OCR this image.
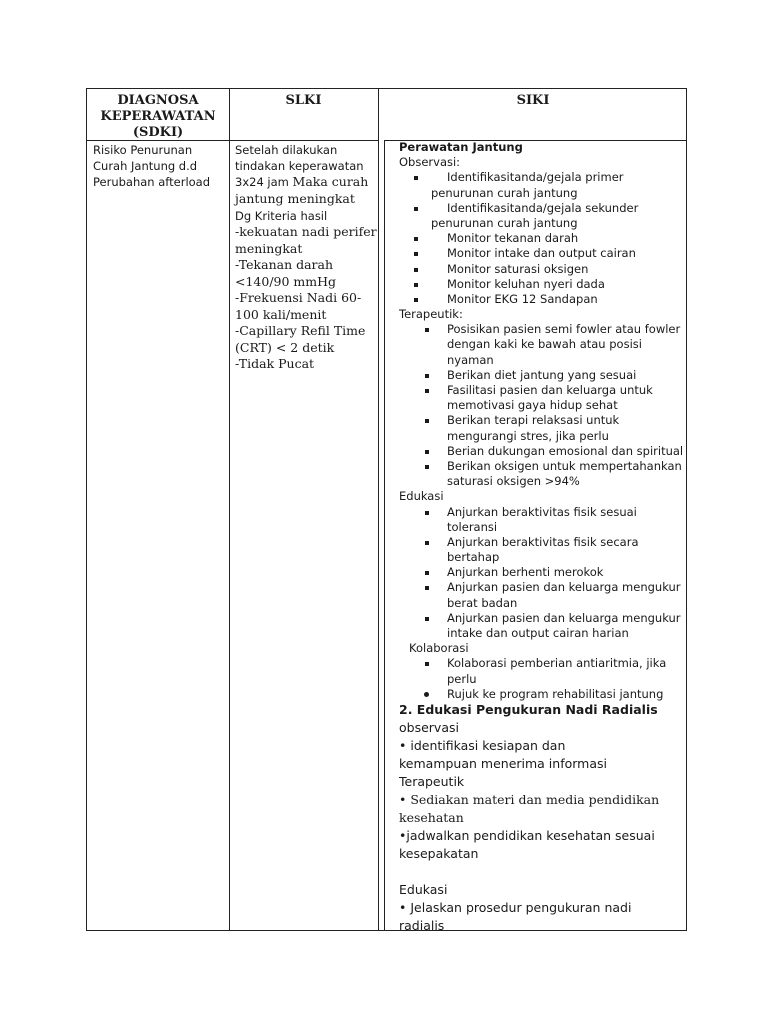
DIAGNOSA
KEPERAWATAN
(SDKI)
SLKI	SIKI
Risiko Penurunan
Curah Jantung d.d
Perubahan afterload
Setelah dilakukan
tindakan keperawatan
3x24 jam Maka curah
jantung meningkat
Dg Kriteria hasil
-kekuatan nadi perifer
meningkat
-Tekanan darah
<140/90 mmHg
-Frekuensi Nadi 60-
100 kali/menit
-Capillary Refil Time
(CRT) < 2 detik
-Tidak Pucat
Perawatan Jantung
Observasi:
Identifikasitanda/gejala primer
penurunan curah jantung
Identifikasitanda/gejala sekunder
penurunan curah jantung
Monitor tekanan darah
Monitor intake dan output cairan
Monitor saturasi oksigen
Monitor keluhan nyeri dada
Monitor EKG 12 Sandapan
Terapeutik:
Posisikan pasien semi fowler atau fowler
dengan kaki ke bawah atau posisi
nyaman
Berikan diet jantung yang sesuai
Fasilitasi pasien dan keluarga untuk
memotivasi gaya hidup sehat
Berikan terapi relaksasi untuk
mengurangi stres, jika perlu
Berian dukungan emosional dan spiritual
Berikan oksigen untuk mempertahankan
saturasi oksigen >94%
Edukasi
Anjurkan beraktivitas fisik sesuai
toleransi
Anjurkan beraktivitas fisik secara
bertahap
Anjurkan berhenti merokok
Anjurkan pasien dan keluarga mengukur
berat badan
Anjurkan pasien dan keluarga mengukur
intake dan output cairan harian
Kolaborasi
Kolaborasi pemberian antiaritmia, jika
perlu
Rujuk ke program rehabilitasi jantung
2. Edukasi Pengukuran Nadi Radialis
observasi
• identifikasi kesiapan dan
kemampuan menerima informasi
Terapeutik
• Sediakan materi dan media pendidikan
kesehatan
•jadwalkan pendidikan kesehatan sesuai
kesepakatan
Edukasi
• Jelaskan prosedur pengukuran nadi
radialis
